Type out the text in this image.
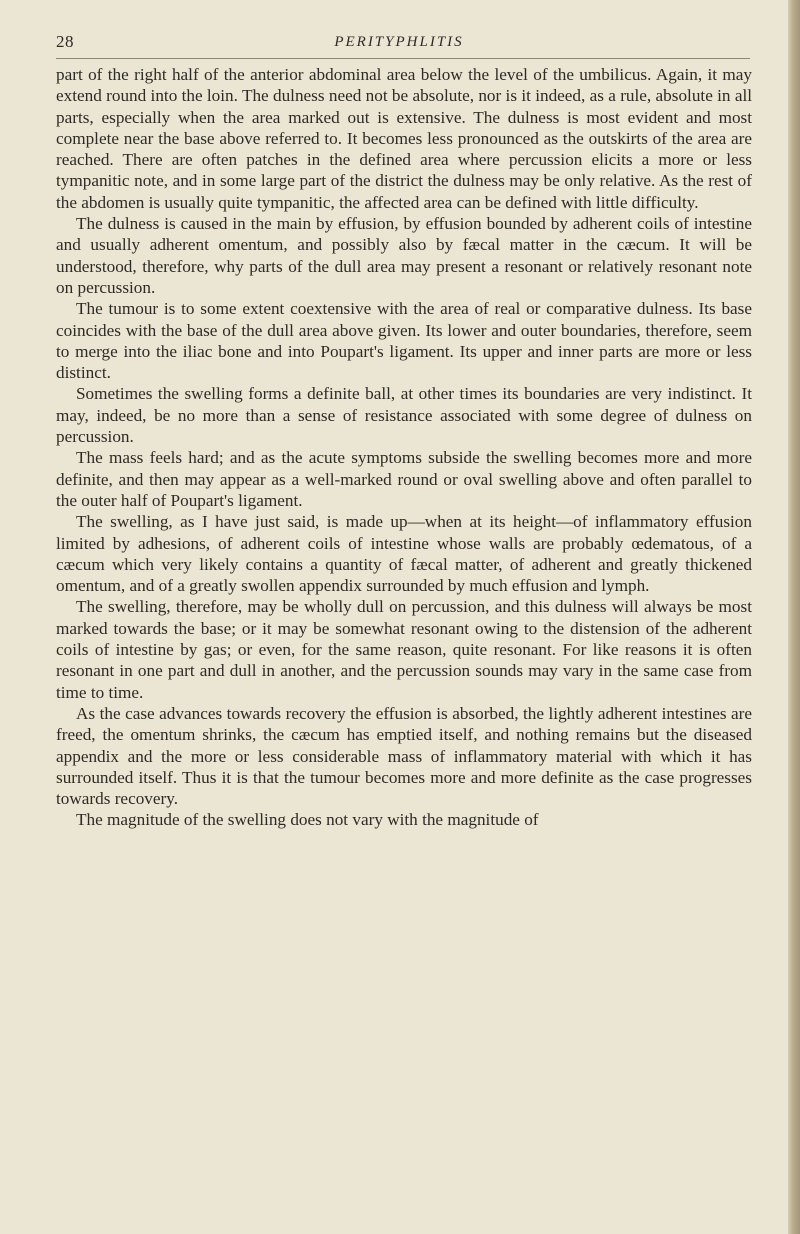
28	PERITYPHLITIS

part of the right half of the anterior abdominal area below the level of the umbilicus. Again, it may extend round into the loin. The dulness need not be absolute, nor is it indeed, as a rule, absolute in all parts, especially when the area marked out is extensive. The dulness is most evident and most complete near the base above referred to. It becomes less pronounced as the outskirts of the area are reached. There are often patches in the defined area where percussion elicits a more or less tympanitic note, and in some large part of the district the dulness may be only relative. As the rest of the abdomen is usually quite tympanitic, the affected area can be defined with little difficulty.

The dulness is caused in the main by effusion, by effusion bounded by adherent coils of intestine and usually adherent omentum, and possibly also by fæcal matter in the cæcum. It will be understood, therefore, why parts of the dull area may present a resonant or relatively resonant note on percussion.

The tumour is to some extent coextensive with the area of real or comparative dulness. Its base coincides with the base of the dull area above given. Its lower and outer boundaries, therefore, seem to merge into the iliac bone and into Poupart's ligament. Its upper and inner parts are more or less distinct.

Sometimes the swelling forms a definite ball, at other times its boundaries are very indistinct. It may, indeed, be no more than a sense of resistance associated with some degree of dulness on percussion.

The mass feels hard; and as the acute symptoms subside the swelling becomes more and more definite, and then may appear as a well-marked round or oval swelling above and often parallel to the outer half of Poupart's ligament.

The swelling, as I have just said, is made up—when at its height—of inflammatory effusion limited by adhesions, of adherent coils of intestine whose walls are probably œdematous, of a cæcum which very likely contains a quantity of fæcal matter, of adherent and greatly thickened omentum, and of a greatly swollen appendix surrounded by much effusion and lymph.

The swelling, therefore, may be wholly dull on percussion, and this dulness will always be most marked towards the base; or it may be somewhat resonant owing to the distension of the adherent coils of intestine by gas; or even, for the same reason, quite resonant. For like reasons it is often resonant in one part and dull in another, and the percussion sounds may vary in the same case from time to time.

As the case advances towards recovery the effusion is absorbed, the lightly adherent intestines are freed, the omentum shrinks, the cæcum has emptied itself, and nothing remains but the diseased appendix and the more or less considerable mass of inflammatory material with which it has surrounded itself. Thus it is that the tumour becomes more and more definite as the case progresses towards recovery.

The magnitude of the swelling does not vary with the magnitude of
